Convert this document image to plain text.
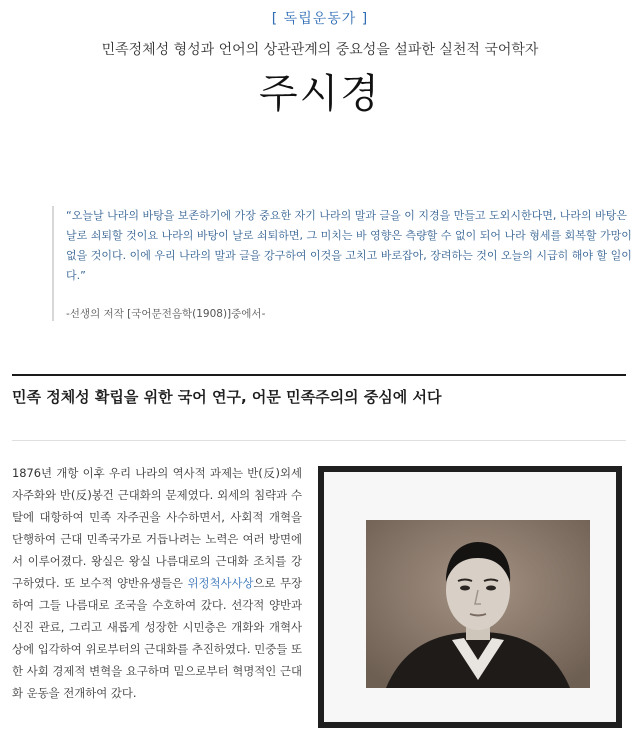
[ 독립운동가 ]
민족정체성 형성과 언어의 상관관계의 중요성을 설파한 실천적 국어학자
주시경
“오늘날 나라의 바탕을 보존하기에 가장 중요한 자기 나라의 말과 글을 이 지경을 만들고 도외시한다면, 나라의 바탕은 날로 쇠퇴할 것이요 나라의 바탕이 날로 쇠퇴하면, 그 미치는 바 영향은 측량할 수 없이 되어 나라 형세를 회복할 가망이 없을 것이다. 이에 우리 나라의 말과 글을 강구하여 이것을 고치고 바로잡아, 장려하는 것이 오늘의 시급히 해야 할 일이다.”
-선생의 저작 [국어문전음학(1908)]중에서-
민족 정체성 확립을 위한 국어 연구, 어문 민족주의의 중심에 서다
1876년 개항 이후 우리 나라의 역사적 과제는 반(反)외세 자주화와 반(反)봉건 근대화의 문제였다. 외세의 침략과 수탈에 대항하여 민족 자주권을 사수하면서, 사회적 개혁을 단행하여 근대 민족국가로 거듭나려는 노력은 여러 방면에서 이루어졌다. 왕실은 왕실 나름대로의 근대화 조치를 강구하였다. 또 보수적 양반유생들은 위정척사사상으로 무장하여 그들 나름대로 조국을 수호하여 갔다. 선각적 양반과 신진 관료, 그리고 새롭게 성장한 시민층은 개화와 개혁사상에 입각하여 위로부터의 근대화를 추진하였다. 민중들 또한 사회 경제적 변혁을 요구하며 밑으로부터 혁명적인 근대화 운동을 전개하여 갔다.
